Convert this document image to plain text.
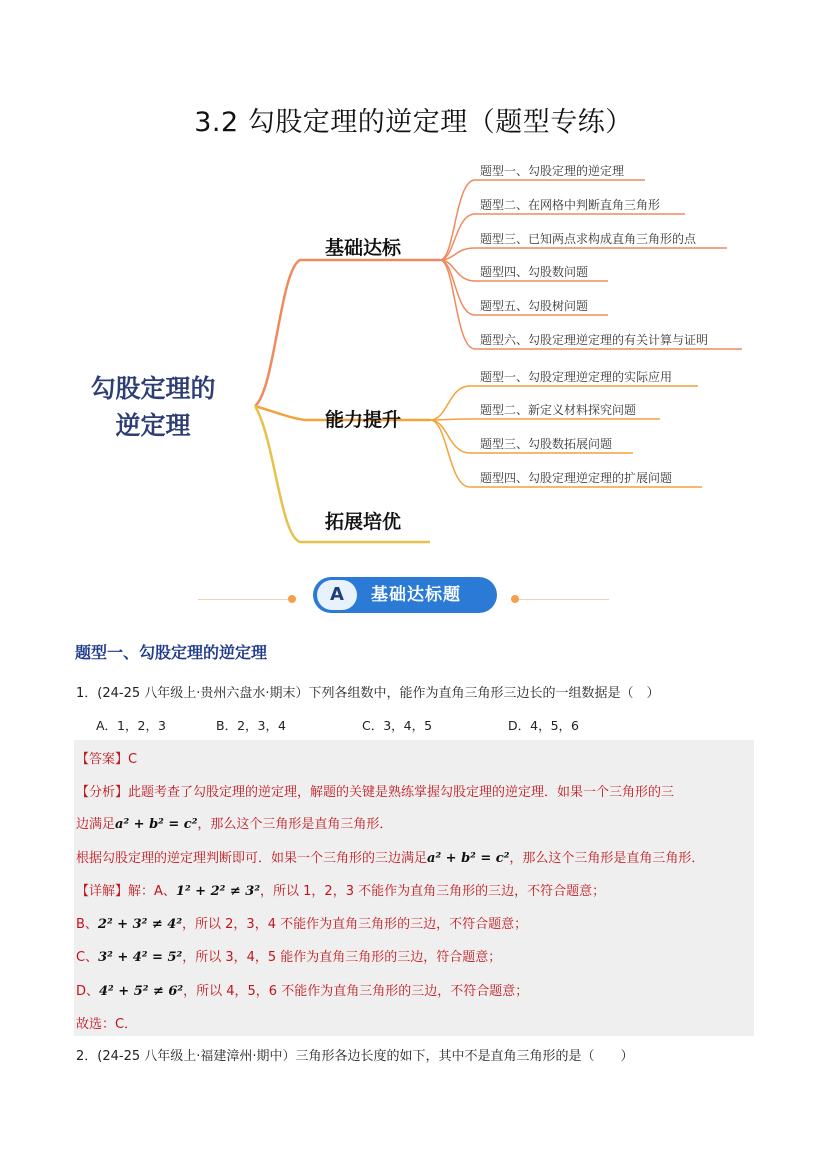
3.2 勾股定理的逆定理（题型专练）
勾股定理的
逆定理
基础达标
能力提升
拓展培优
题型一、勾股定理的逆定理
题型二、在网格中判断直角三角形
题型三、已知两点求构成直角三角形的点
题型四、勾股数问题
题型五、勾股树问题
题型六、勾股定理逆定理的有关计算与证明
题型一、勾股定理逆定理的实际应用
题型二、新定义材料探究问题
题型三、勾股数拓展问题
题型四、勾股定理逆定理的扩展问题
A	基础达标题
题型一、勾股定理的逆定理
1．(24-25 八年级上·贵州六盘水·期末）下列各组数中，能作为直角三角形三边长的一组数据是（　）
A．1，2，3	B．2，3，4	C．3，4，5	D．4，5，6
【答案】C
【分析】此题考查了勾股定理的逆定理，解题的关键是熟练掌握勾股定理的逆定理．如果一个三角形的三
边满足a² + b² = c²，那么这个三角形是直角三角形．
根据勾股定理的逆定理判断即可．如果一个三角形的三边满足a² + b² = c²，那么这个三角形是直角三角形．
【详解】解：A、1² + 2² ≠ 3²，所以 1，2，3 不能作为直角三角形的三边，不符合题意；
B、2² + 3² ≠ 4²，所以 2，3，4 不能作为直角三角形的三边，不符合题意；
C、3² + 4² = 5²，所以 3，4，5 能作为直角三角形的三边，符合题意；
D、4² + 5² ≠ 6²，所以 4，5，6 不能作为直角三角形的三边，不符合题意；
故选：C．
2．(24-25 八年级上·福建漳州·期中）三角形各边长度的如下，其中不是直角三角形的是（　　）
